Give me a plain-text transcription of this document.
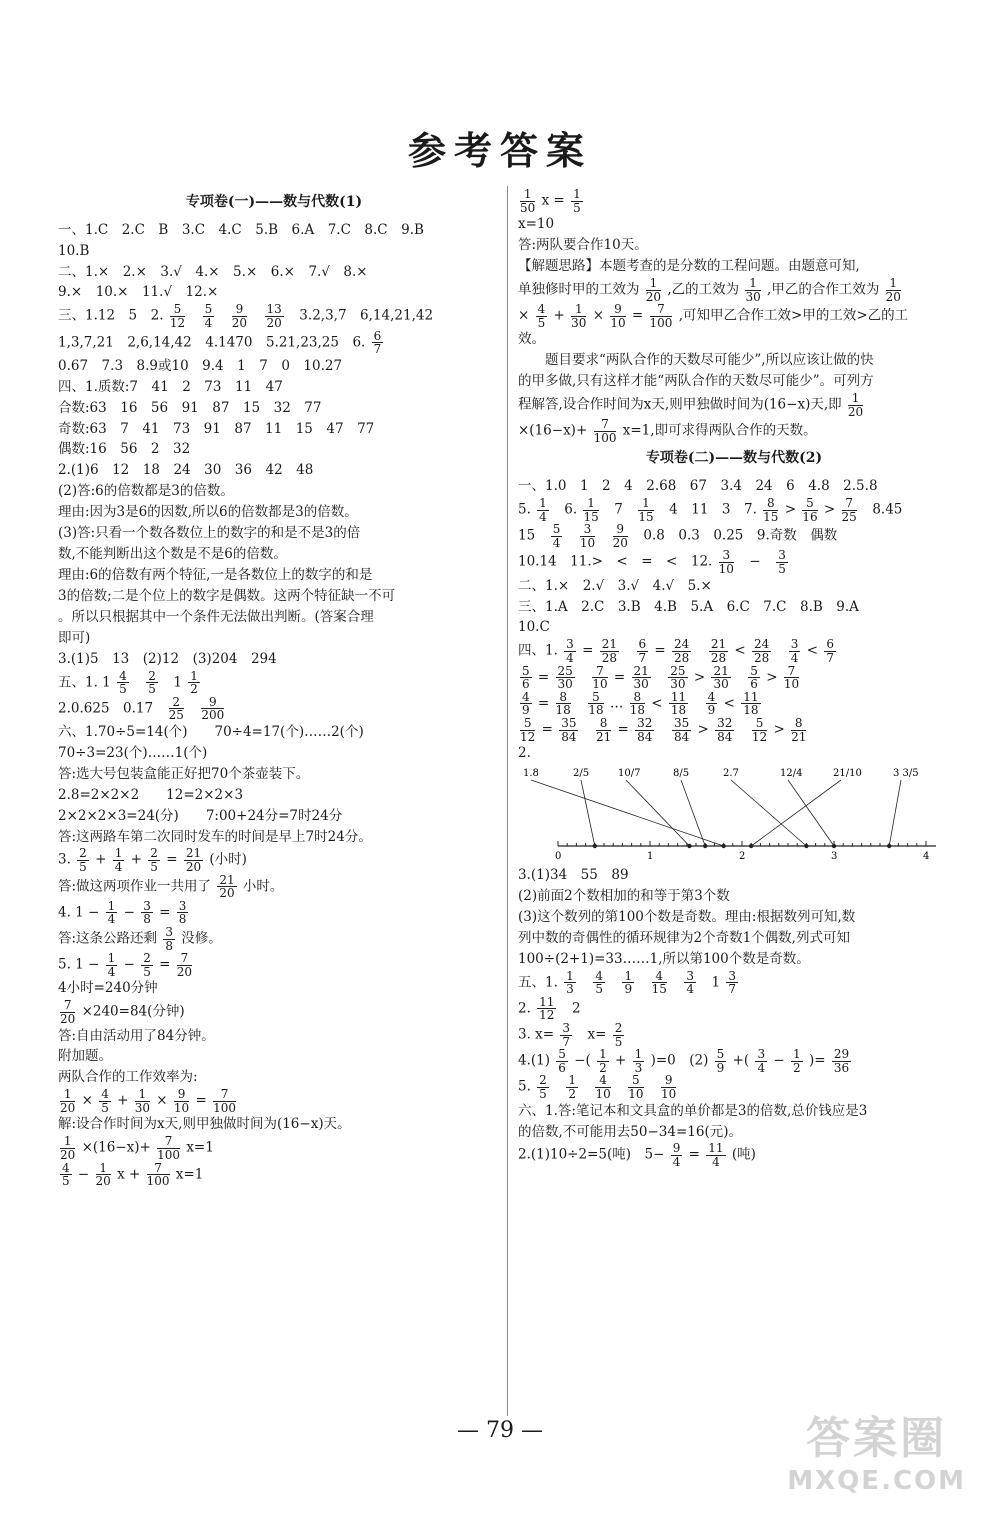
参考答案
专项卷(一)——数与代数(1)
一、1.C　2.C　B　3.C　4.C　5.B　6.A　7.C　8.C　9.B
10.B
二、1.×　2.×　3.√　4.×　5.×　6.×　7.√　8.×
9.×　10.×　11.√　12.×
三、1.12　5　2. $\frac{5}{12}$
　 $\frac{5}{4}$
　 $\frac{9}{20}$
　 $\frac{13}{20}$ 　3.2,3,7　6,14,21,42
1,3,7,21　2,6,14,42　4.1470　5.21,23,25　6. $\frac{6}{7}$
0.67　7.3　8.9或10　9.4　1　7　0　10.27
四、1.质数:7　41　2　73　11　47
合数:63　16　56　91　87　15　32　77
奇数:63　7　41　73　91　87　11　15　47　77
偶数:16　56　2　32
2.(1)6　12　18　24　30　36　42　48
(2)答:6的倍数都是3的倍数。
理由:因为3是6的因数,所以6的倍数都是3的倍数。
(3)答:只看一个数各数位上的数字的和是不是3的倍
数,不能判断出这个数是不是6的倍数。
理由:6的倍数有两个特征,一是各数位上的数字的和是
3的倍数;二是个位上的数字是偶数。这两个特征缺一不可
。所以只根据其中一个条件无法做出判断。(答案合理
即可)
3.(1)5　13　(2)12　(3)204　294
五、1. $1 \frac{4}{5}$
　 $\frac{2}{5}$ 　$1 \frac{1}{2}$
2.0.625　0.17　 $\frac{2}{25}$
　 $\frac{9}{200}$
六、1.70÷5=14(个)　　70÷4=17(个)……2(个)
70÷3=23(个)……1(个)
答:选大号包装盒能正好把70个茶壶装下。
2.8=2×2×2　　12=2×2×3
2×2×2×3=24(分)　　7:00+24分=7时24分
答:这两路车第二次同时发车的时间是早上7时24分。
3. $\frac{2}{5} + \frac{1}{4} + \frac{2}{5} = \frac{21}{20}$ (小时)
答:做这两项作业一共用了 $\frac{21}{20}$ 小时。
4. $1 - \frac{1}{4} - \frac{3}{8} = \frac{3}{8}$
答:这条公路还剩 $\frac{3}{8}$ 没修。
5. $1 - \frac{1}{4} - \frac{2}{5} = \frac{7}{20}$
4小时=240分钟
$\frac{7}{20} \times 240=84$(分钟)
答:自由活动用了84分钟。
附加题。
两队合作的工作效率为:
$\frac{1}{20} \times \frac{4}{5} + \frac{1}{30} \times \frac{9}{10} = \frac{7}{100}$
解:设合作时间为x天,则甲独做时间为(16−x)天。
$\frac{1}{20} \times(16-x)+ \frac{7}{100} x=1$
$\frac{4}{5} - \frac{1}{20}$ $x + \frac{7}{100} x=1$
$\frac{1}{50}$ $x = \frac{1}{5}$
x=10
答:两队要合作10天。
【解题思路】本题考查的是分数的工程问题。由题意可知,
单独修时甲的工效为 $\frac{1}{20}$ ,乙的工效为 $\frac{1}{30}$ ,甲乙的合作工效为 $\frac{1}{20}$
× $\frac{4}{5} + \frac{1}{30} \times \frac{9}{10} = \frac{7}{100}$ ,可知甲乙合作工效>甲的工效>乙的工
效。
　　题目要求“两队合作的天数尽可能少”,所以应该让做的快
的甲多做,只有这样才能“两队合作的天数尽可能少”。可列方
程解答,设合作时间为x天,则甲独做时间为(16−x)天,即 $\frac{1}{20}$
$\times(16-x)+ \frac{7}{100} x=1$,即可求得两队合作的天数。
专项卷(二)——数与代数(2)
一、1.0　1　2　4　2.68　67　3.4　24　6　4.8　2.5.8
5. $\frac{1}{4}$ 　6. $\frac{1}{15}$ 　7　 $\frac{1}{15}$ 　4　11　3　7. $\frac{8}{15} > \frac{5}{16} > \frac{7}{25}$ 　8.45
15　 $\frac{5}{4}$
　 $\frac{3}{10}$
　 $\frac{9}{20}$ 　0.8　0.3　0.25　9.奇数　偶数
10.14　11.>　<　=　<　12. $\frac{3}{10}$ 　−　 $\frac{3}{5}$
二、1.×　2.√　3.√　4.√　5.×
三、1.A　2.C　3.B　4.B　5.A　6.C　7.C　8.B　9.A
10.C
四、1. $\frac{3}{4} = \frac{21}{28}$
　 $\frac{6}{7} = \frac{24}{28}$
　 $\frac{21}{28} < \frac{24}{28}$
　 $\frac{3}{4} < \frac{6}{7}$
$\frac{5}{6} = \frac{25}{30}$
　 $\frac{7}{10} = \frac{21}{30}$
　 $\frac{25}{30} > \frac{21}{30}$
　 $\frac{5}{6} > \frac{7}{10}$
$\frac{4}{9} = \frac{8}{18}$
　 $\frac{5}{18}$ … $\frac{8}{18} < \frac{11}{18}$
　 $\frac{4}{9} < \frac{11}{18}$
$\frac{5}{12} = \frac{35}{84}$
　 $\frac{8}{21} = \frac{32}{84}$
　 $\frac{35}{84} > \frac{32}{84}$
　 $\frac{5}{12} > \frac{8}{21}$
2.
0	1	2	3	4
1.8	2/5	10/7	8/5	2.7	12/4	21/10	3 3/5
3.(1)34　55　89
(2)前面2个数相加的和等于第3个数
(3)这个数列的第100个数是奇数。理由:根据数列可知,数
列中数的奇偶性的循环规律为2个奇数1个偶数,列式可知
100÷(2+1)=33……1,所以第100个数是奇数。
五、1. $\frac{1}{3}$
　 $\frac{4}{5}$
　 $\frac{1}{9}$
　 $\frac{4}{15}$
　 $\frac{3}{4}$ 　$1 \frac{3}{7}$
2. $\frac{11}{12}$ 　2
3. $x= \frac{3}{7}$ 　$x= \frac{2}{5}$
$4.(1) \frac{5}{6}$ −( $\frac{1}{2} + \frac{1}{3} )=0$　$(2) \frac{5}{9}$ +( $\frac{3}{4} - \frac{1}{2}$ )= $\frac{29}{36}$
5. $\frac{2}{5}$
　 $\frac{1}{2}$
　 $\frac{4}{10}$
　 $\frac{5}{10}$
　 $\frac{9}{10}$
六、1.答:笔记本和文具盒的单价都是3的倍数,总价钱应是3
的倍数,不可能用去50−34=16(元)。
2.(1)10÷2=5(吨)　$5- \frac{9}{4} = \frac{11}{4}$ (吨)
— 79 —	答案圈
MXQE.COM
